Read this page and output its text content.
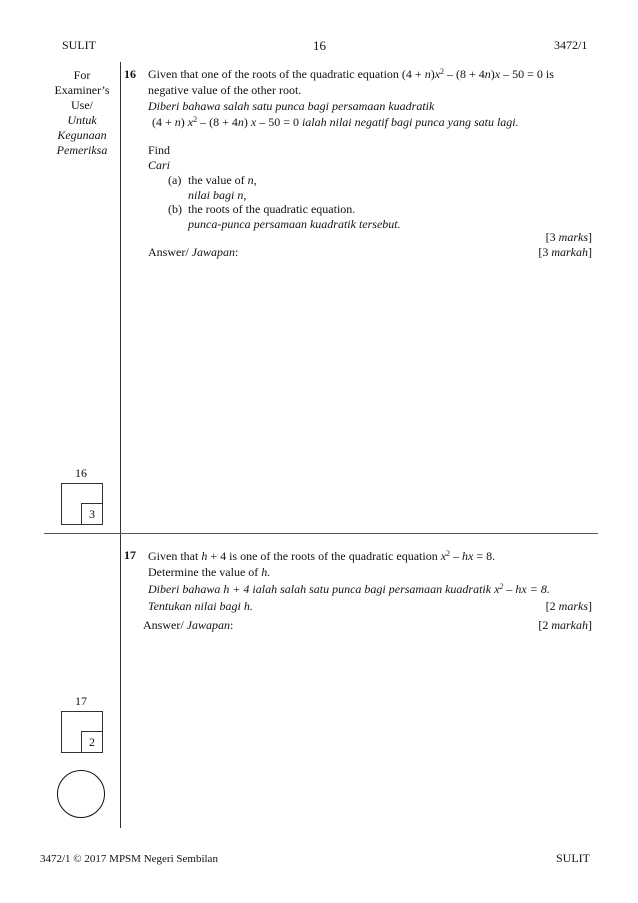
SULIT	16	3472/1
For
Examiner’s
Use/
Untuk
Kegunaan
Pemeriksa
16
3
16 Given that one of the roots of the quadratic equation $(4 + n)x^2 - (8 + 4n)x - 50 = 0$ is
negative value of the other root.
Diberi bahawa salah satu punca bagi persamaan kuadratik
(4 + n) $x^2 - (8 + 4n)$ x – 50 = 0 ialah nilai negatif bagi punca yang satu lagi.
Find
Cari
(a) the value of n,
nilai bagi n,
(b) the roots of the quadratic equation.
punca-punca persamaan kuadratik tersebut.
[3 marks]
Answer/ Jawapan:	[3 markah]
17 Given that h + 4 is one of the roots of the quadratic equation $x^2$ – hx = 8.
Determine the value of h.
Diberi bahawa h + 4 ialah salah satu punca bagi persamaan kuadratik $x^2$ – hx = 8.
Tentukan nilai bagi h.	[2 marks]
Answer/ Jawapan:	[2 markah]
17
2
3472/1 © 2017 MPSM Negeri Sembilan	SULIT
